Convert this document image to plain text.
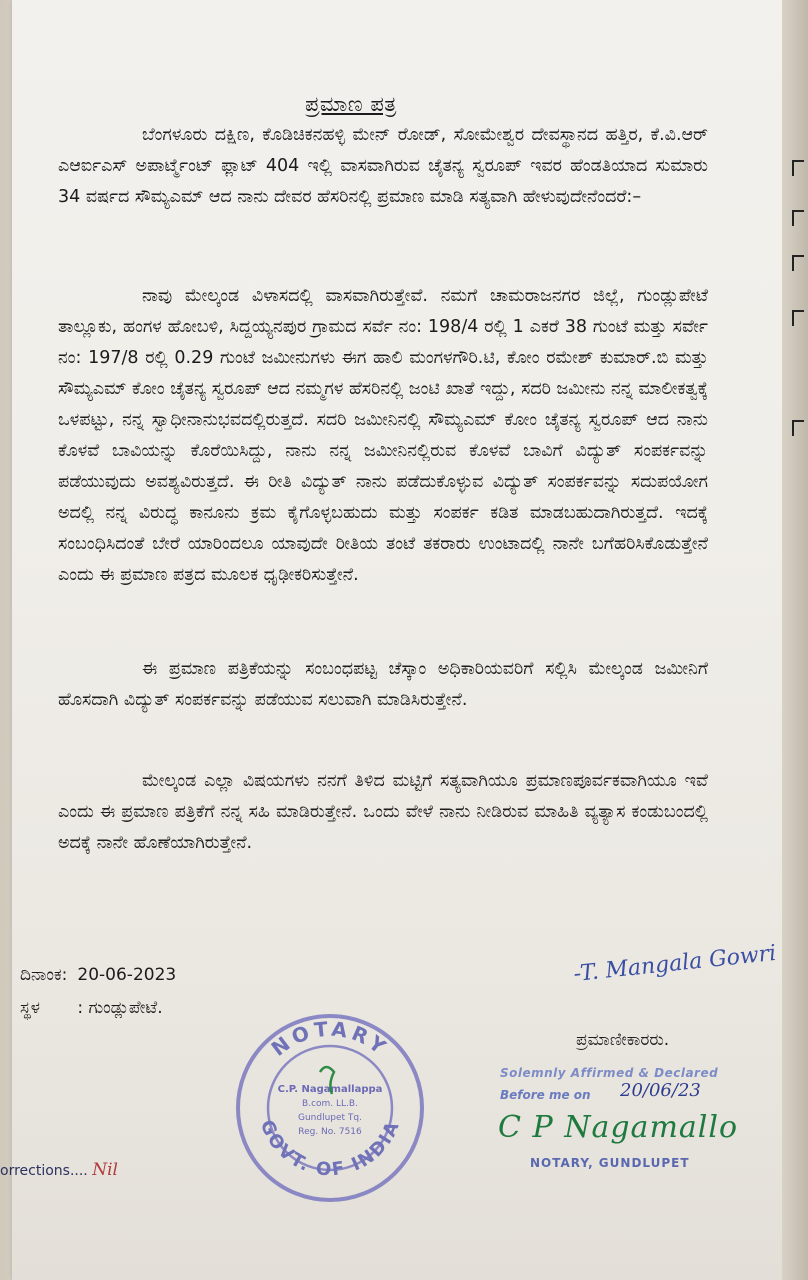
ಪ್ರಮಾಣ ಪತ್ರ

ಬೆಂಗಳೂರು ದಕ್ಷಿಣ, ಕೊಡಿಚಿಕನಹಳ್ಳಿ ಮೇನ್ ರೋಡ್, ಸೋಮೇಶ್ವರ ದೇವಸ್ಥಾನದ ಹತ್ತಿರ, ಕೆ.ವಿ.ಆರ್ ಎಆರ್ಐಎಸ್ ಅಪಾರ್ಟ್ಮೆಂಟ್ ಫ್ಲಾಟ್ 404 ಇಲ್ಲಿ ವಾಸವಾಗಿರುವ ಚೈತನ್ಯ ಸ್ವರೂಪ್ ಇವರ ಹೆಂಡತಿಯಾದ ಸುಮಾರು 34 ವರ್ಷದ ಸೌಮ್ಯಎಮ್ ಆದ ನಾನು ದೇವರ ಹೆಸರಿನಲ್ಲಿ ಪ್ರಮಾಣ ಮಾಡಿ ಸತ್ಯವಾಗಿ ಹೇಳುವುದೇನೆಂದರೆ:–

ನಾವು ಮೇಲ್ಕಂಡ ವಿಳಾಸದಲ್ಲಿ ವಾಸವಾಗಿರುತ್ತೇವೆ. ನಮಗೆ ಚಾಮರಾಜನಗರ ಜಿಲ್ಲೆ, ಗುಂಡ್ಲುಪೇಟೆ ತಾಲ್ಲೂಕು, ಹಂಗಳ ಹೋಬಳಿ, ಸಿದ್ದಯ್ಯನಪುರ ಗ್ರಾಮದ ಸರ್ವೆ ನಂ: 198/4 ರಲ್ಲಿ 1 ಎಕರೆ 38 ಗುಂಟೆ ಮತ್ತು ಸರ್ವೇ ನಂ: 197/8 ರಲ್ಲಿ 0.29 ಗುಂಟೆ ಜಮೀನುಗಳು ಈಗ ಹಾಲಿ ಮಂಗಳಗೌರಿ.ಟಿ, ಕೋಂ ರಮೇಶ್ ಕುಮಾರ್.ಬಿ ಮತ್ತು ಸೌಮ್ಯಎಮ್ ಕೋಂ ಚೈತನ್ಯ ಸ್ವರೂಪ್ ಆದ ನಮ್ಮಗಳ ಹೆಸರಿನಲ್ಲಿ ಜಂಟಿ ಖಾತೆ ಇದ್ದು, ಸದರಿ ಜಮೀನು ನನ್ನ ಮಾಲೀಕತ್ವಕ್ಕೆ ಒಳಪಟ್ಟು, ನನ್ನ ಸ್ವಾಧೀನಾನುಭವದಲ್ಲಿರುತ್ತದೆ. ಸದರಿ ಜಮೀನಿನಲ್ಲಿ ಸೌಮ್ಯಎಮ್ ಕೋಂ ಚೈತನ್ಯ ಸ್ವರೂಪ್ ಆದ ನಾನು ಕೊಳವೆ ಬಾವಿಯನ್ನು ಕೊರೆಯಿಸಿದ್ದು, ನಾನು ನನ್ನ ಜಮೀನಿನಲ್ಲಿರುವ ಕೊಳವೆ ಬಾವಿಗೆ ವಿದ್ಯುತ್ ಸಂಪರ್ಕವನ್ನು ಪಡೆಯುವುದು ಅವಶ್ಯವಿರುತ್ತದೆ. ಈ ರೀತಿ ವಿದ್ಯುತ್ ನಾನು ಪಡೆದುಕೊಳ್ಳುವ ವಿದ್ಯುತ್ ಸಂಪರ್ಕವನ್ನು ಸದುಪಯೋಗ ಅದಲ್ಲಿ ನನ್ನ ವಿರುದ್ಧ ಕಾನೂನು ಕ್ರಮ ಕೈಗೊಳ್ಳಬಹುದು ಮತ್ತು ಸಂಪರ್ಕ ಕಡಿತ ಮಾಡಬಹುದಾಗಿರುತ್ತದೆ. ಇದಕ್ಕೆ ಸಂಬಂಧಿಸಿದಂತೆ ಬೇರೆ ಯಾರಿಂದಲೂ ಯಾವುದೇ ರೀತಿಯ ತಂಟೆ ತಕರಾರು ಉಂಟಾದಲ್ಲಿ ನಾನೇ ಬಗೆಹರಿಸಿಕೊಡುತ್ತೇನೆ ಎಂದು ಈ ಪ್ರಮಾಣ ಪತ್ರದ ಮೂಲಕ ಧೃಢೀಕರಿಸುತ್ತೇನೆ.

ಈ ಪ್ರಮಾಣ ಪತ್ರಿಕೆಯನ್ನು ಸಂಬಂಧಪಟ್ಟ ಚೆಸ್ಕಾಂ ಅಧಿಕಾರಿಯವರಿಗೆ ಸಲ್ಲಿಸಿ ಮೇಲ್ಕಂಡ ಜಮೀನಿಗೆ ಹೊಸದಾಗಿ ವಿದ್ಯುತ್ ಸಂಪರ್ಕವನ್ನು ಪಡೆಯುವ ಸಲುವಾಗಿ ಮಾಡಿಸಿರುತ್ತೇನೆ.

ಮೇಲ್ಕಂಡ ಎಲ್ಲಾ ವಿಷಯಗಳು ನನಗೆ ತಿಳಿದ ಮಟ್ಟಿಗೆ ಸತ್ಯವಾಗಿಯೂ ಪ್ರಮಾಣಪೂರ್ವಕವಾಗಿಯೂ ಇವೆ ಎಂದು ಈ ಪ್ರಮಾಣ ಪತ್ರಿಕೆಗೆ ನನ್ನ ಸಹಿ ಮಾಡಿರುತ್ತೇನೆ. ಒಂದು ವೇಳೆ ನಾನು ನೀಡಿರುವ ಮಾಹಿತಿ ವ್ಯತ್ಯಾಸ ಕಂಡುಬಂದಲ್ಲಿ ಅದಕ್ಕೆ ನಾನೇ ಹೊಣೆಯಾಗಿರುತ್ತೇನೆ.

ದಿನಾಂಕ: 20-06-2023
ಸ್ಥಳ : ಗುಂಡ್ಲುಪೇಟೆ.
-T. Mangala Gowri
ಪ್ರಮಾಣೀಕಾರರು.
NOTARY
GOVT. OF INDIA
C.P. Nagamallappa
B.com. LL.B.
Gundlupet Tq.
Reg. No. 7516
Solemnly Affirmed & Declared
Before me on 20/06/23
C P Nagamallo
NOTARY, GUNDLUPET
orrections.... Nil
